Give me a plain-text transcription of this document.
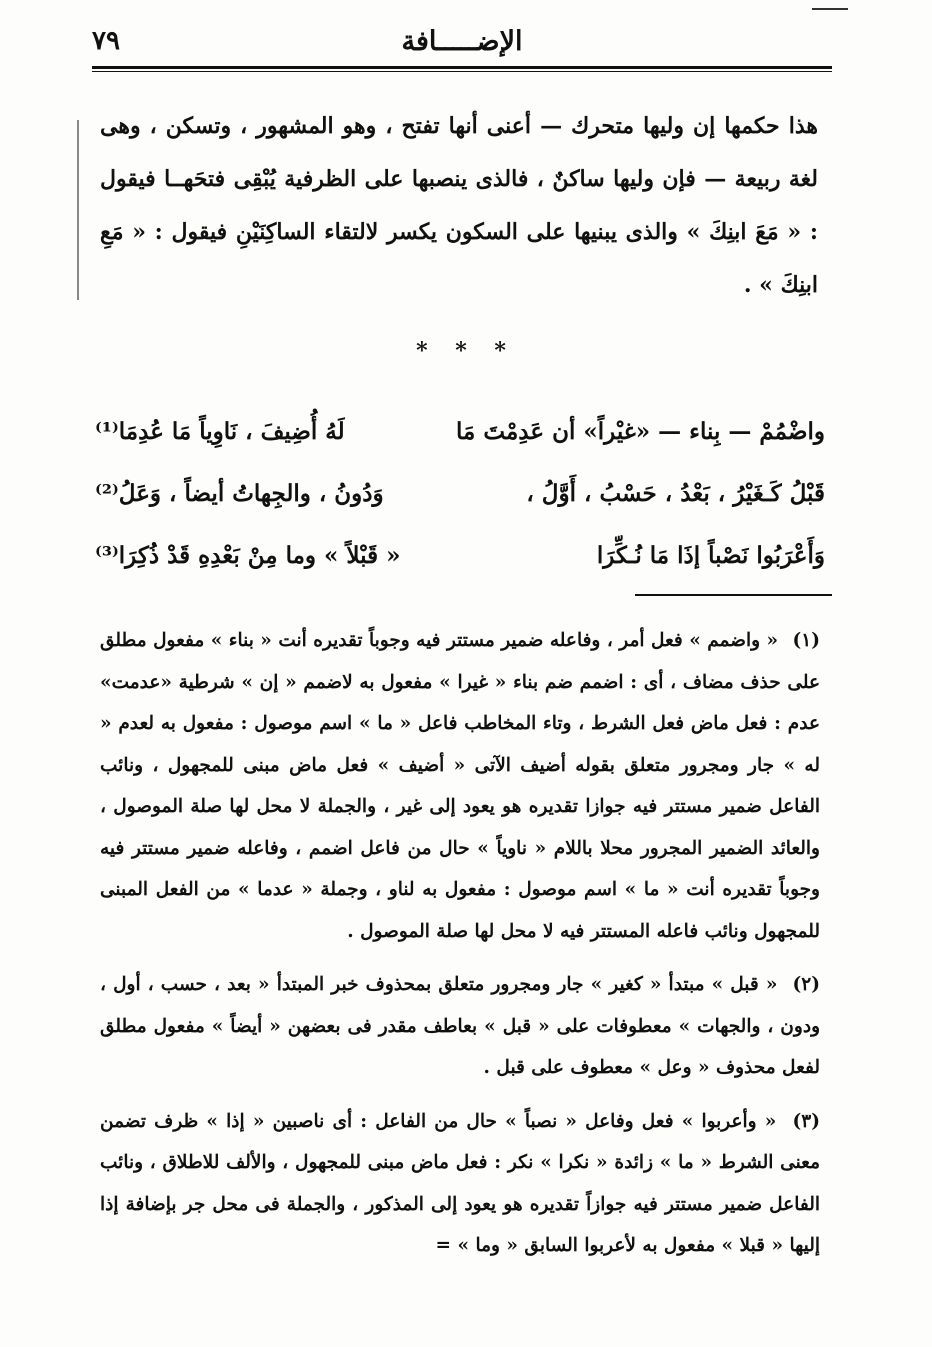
الإضـــــافة
٧٩

هذا حكمها إن وليها متحرك — أعنى أنها تفتح ، وهو المشهور ، وتسكن ، وهى لغة ربيعة — فإن وليها ساكنٌ ، فالذى ينصبها على الظرفية يُبْقِى فتحَهــا فيقول : « مَعَ ابنِكَ » والذى يبنيها على السكون يكسر لالتقاء الساكِنَيْنِ فيقول : « مَعِ ابنِكَ » .

* * *
واضْمُمْ — بِناء — «غيْراً» أن عَدِمْتَ مَا
لَهُ أُضِيفَ ، نَاوِياً مَا عُدِمَا⁽¹⁾
قَبْلُ كَـغَيْرُ ، بَعْدُ ، حَسْبُ ، أَوَّلُ ،
وَدُونُ ، والجِهاتُ أيضاً ، وَعَلُ⁽²⁾
وَأَعْرَبُوا نَصْباً إذَا مَا نُـكِّرَا
« قَبْلاً » وما مِنْ بَعْدِهِ قَدْ ذُكِرَا⁽³⁾

(١) « واضمم » فعل أمر ، وفاعله ضمير مستتر فيه وجوباً تقديره أنت « بناء » مفعول مطلق على حذف مضاف ، أى : اضمم ضم بناء « غيرا » مفعول به لاضمم « إن » شرطية «عدمت» عدم : فعل ماض فعل الشرط ، وتاء المخاطب فاعل « ما » اسم موصول : مفعول به لعدم « له » جار ومجرور متعلق بقوله أضيف الآتى « أضيف » فعل ماض مبنى للمجهول ، ونائب الفاعل ضمير مستتر فيه جوازا تقديره هو يعود إلى غير ، والجملة لا محل لها صلة الموصول ، والعائد الضمير المجرور محلا باللام « ناوياً » حال من فاعل اضمم ، وفاعله ضمير مستتر فيه وجوباً تقديره أنت « ما » اسم موصول : مفعول به لناو ، وجملة « عدما » من الفعل المبنى للمجهول ونائب فاعله المستتر فيه لا محل لها صلة الموصول .

(٢) « قبل » مبتدأ « كغير » جار ومجرور متعلق بمحذوف خبر المبتدأ « بعد ، حسب ، أول ، ودون ، والجهات » معطوفات على « قبل » بعاطف مقدر فى بعضهن « أيضاً » مفعول مطلق لفعل محذوف « وعل » معطوف على قبل .

(٣) « وأعربوا » فعل وفاعل « نصباً » حال من الفاعل : أى ناصبين « إذا » ظرف تضمن معنى الشرط « ما » زائدة « نكرا » نكر : فعل ماض مبنى للمجهول ، والألف للاطلاق ، ونائب الفاعل ضمير مستتر فيه جوازاً تقديره هو يعود إلى المذكور ، والجملة فى محل جر بإضافة إذا إليها « قبلا » مفعول به لأعربوا السابق « وما » =
